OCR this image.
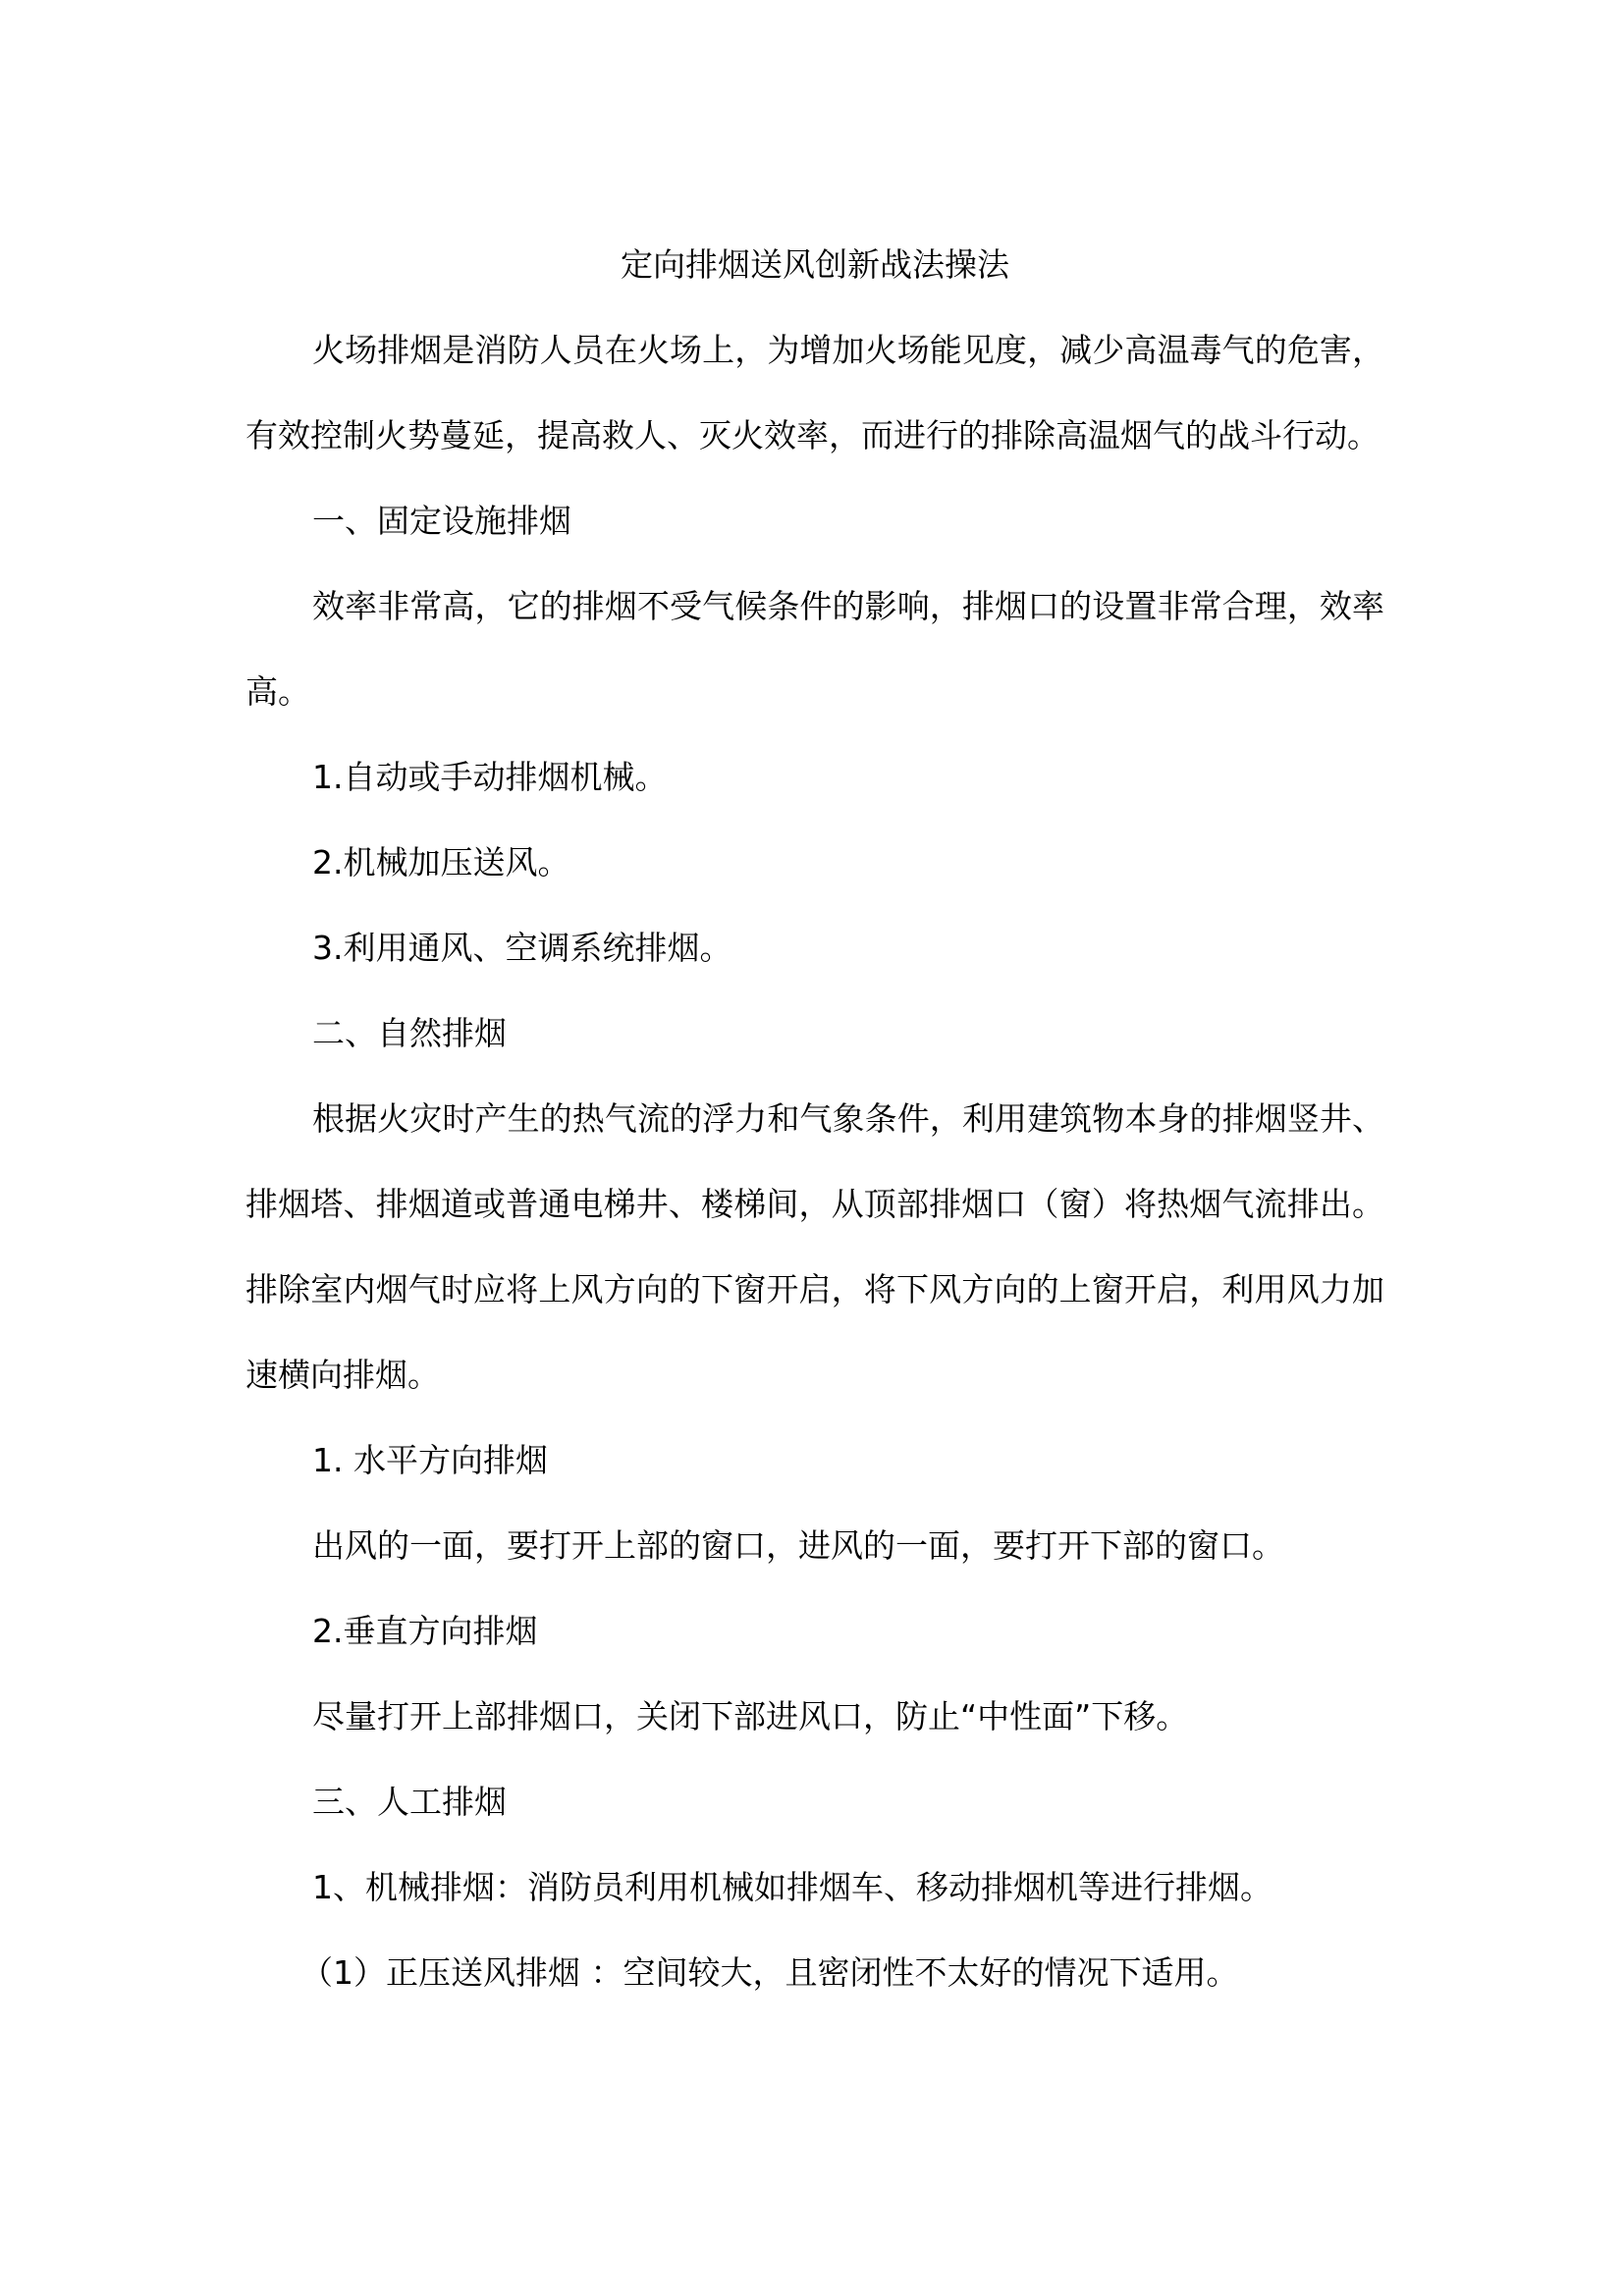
定向排烟送风创新战法操法

火场排烟是消防人员在火场上，为增加火场能见度，减少高温毒气的危害，有效控制火势蔓延，提高救人、灭火效率，而进行的排除高温烟气的战斗行动。

一、固定设施排烟

效率非常高，它的排烟不受气候条件的影响，排烟口的设置非常合理，效率高。

1.自动或手动排烟机械。

2.机械加压送风。

3.利用通风、空调系统排烟。

二、自然排烟

根据火灾时产生的热气流的浮力和气象条件，利用建筑物本身的排烟竖井、排烟塔、排烟道或普通电梯井、楼梯间，从顶部排烟口（窗）将热烟气流排出。排除室内烟气时应将上风方向的下窗开启，将下风方向的上窗开启，利用风力加速横向排烟。

1. 水平方向排烟

出风的一面，要打开上部的窗口，进风的一面，要打开下部的窗口。

2.垂直方向排烟

尽量打开上部排烟口，关闭下部进风口，防止“中性面”下移。

三、人工排烟

1、机械排烟：消防员利用机械如排烟车、移动排烟机等进行排烟。

（1）正压送风排烟 ：空间较大，且密闭性不太好的情况下适用。
